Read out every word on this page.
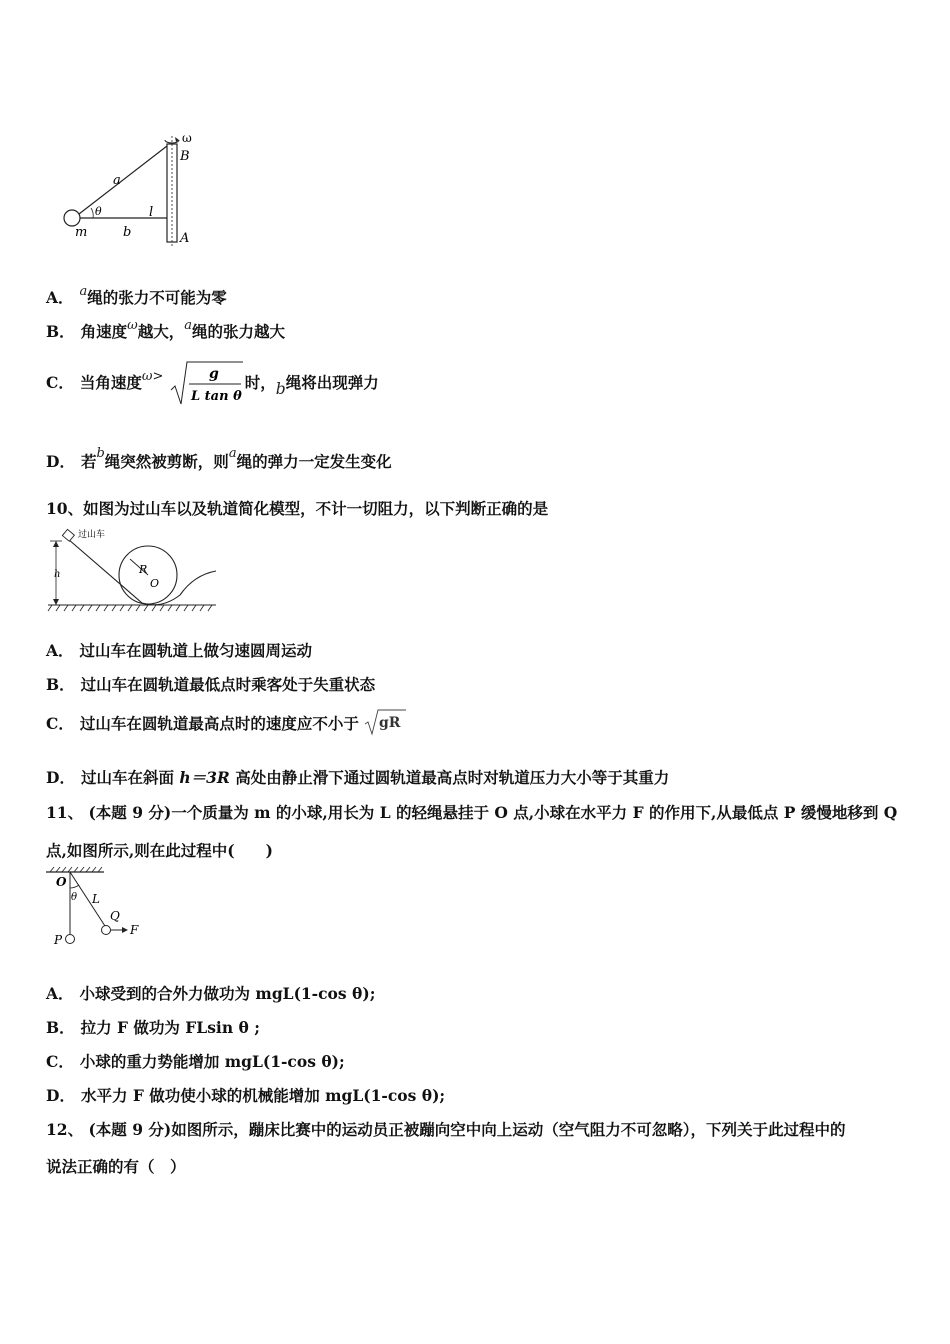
ω
B
A
a
θ	l
m	b
A． $^a$绳的张力不可能为零
B． 角速度$^\omega$越大，$^a$绳的张力越大
C． 当角速度$^{\omega>}$	g
L tan θ
时，b绳将出现弹力
D． 若$^b$绳突然被剪断，则$^a$绳的弹力一定发生变化
10、如图为过山车以及轨道简化模型，不计一切阻力，以下判断正确的是
过山车
h	R
O
A． 过山车在圆轨道上做匀速圆周运动
B． 过山车在圆轨道最低点时乘客处于失重状态
C． 过山车在圆轨道最高点时的速度应不小于 gR
D． 过山车在斜面 h＝3R 高处由静止滑下通过圆轨道最高点时对轨道压力大小等于其重力
11、 (本题 9 分)一个质量为 m 的小球,用长为 L 的轻绳悬挂于 O 点,小球在水平力 F 的作用下,从最低点 P 缓慢地移到 Q
点,如图所示,则在此过程中(　　)
O
θ L
Q
F
P
A． 小球受到的合外力做功为 mgL(1-cos θ);
B． 拉力 F 做功为 FLsin θ ;
C． 小球的重力势能增加 mgL(1-cos θ);
D． 水平力 F 做功使小球的机械能增加 mgL(1-cos θ);
12、 (本题 9 分)如图所示，蹦床比赛中的运动员正被蹦向空中向上运动（空气阻力不可忽略），下列关于此过程中的
说法正确的有（　）
